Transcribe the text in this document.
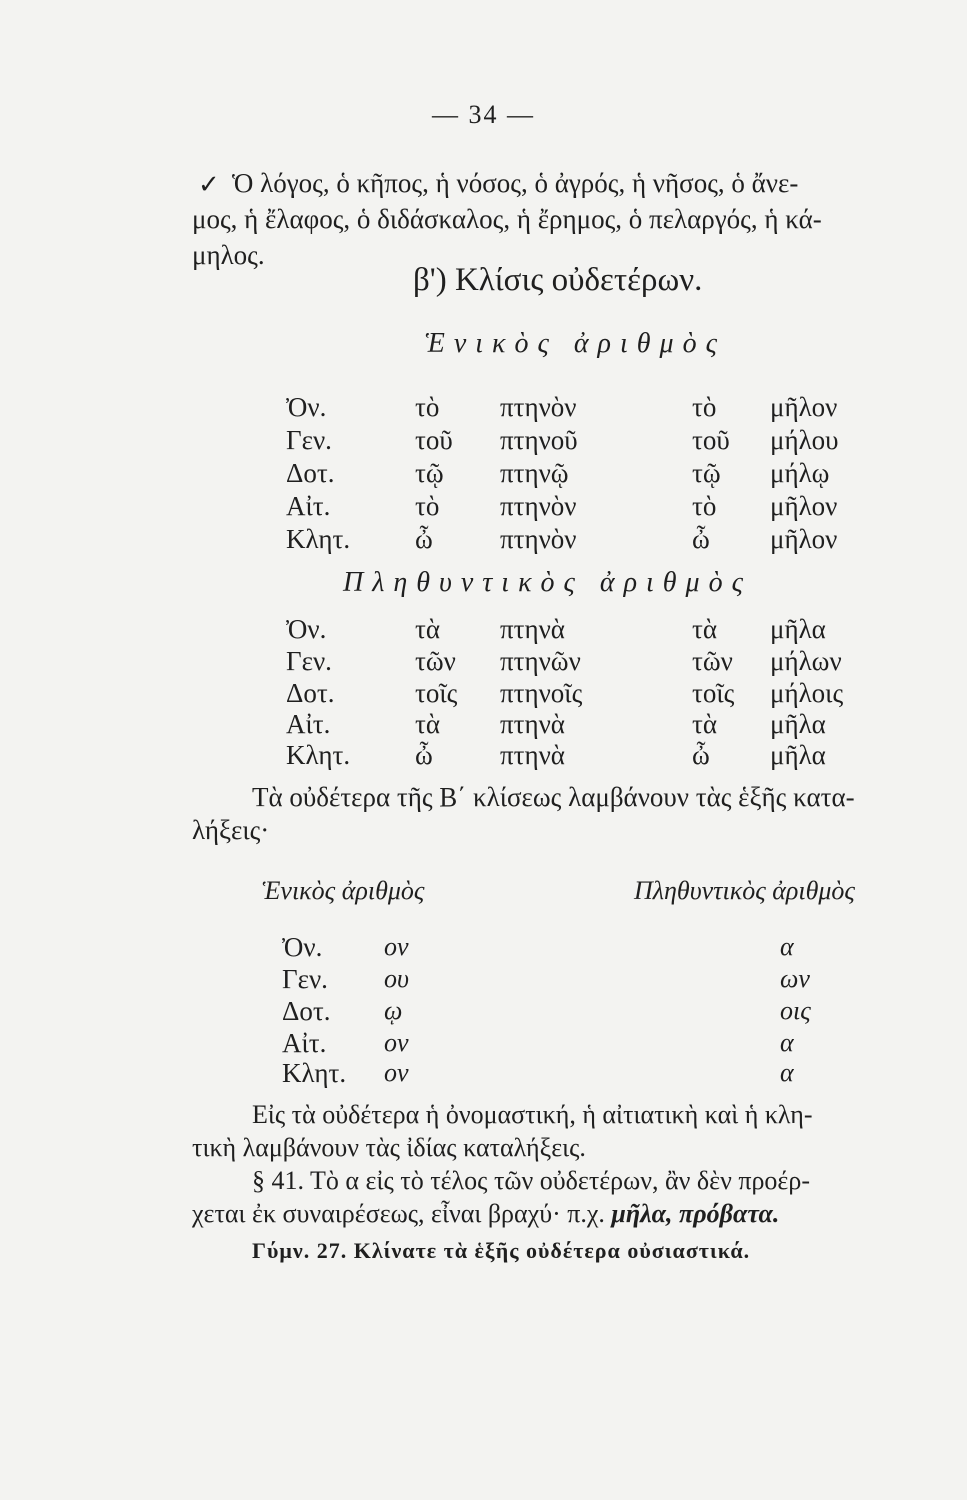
— 34 —
✓ Ὁ λόγος, ὁ κῆπος, ἡ νόσος, ὁ ἀγρός, ἡ νῆσος, ὁ ἄνε-
μος, ἡ ἔλαφος, ὁ διδάσκαλος, ἡ ἔρημος, ὁ πελαργός, ἡ κά-
μηλος.
β') Κλίσις οὐδετέρων.
Ἑνικὸς ἀριθμὸς
Ὀν.	τὸ πτηνὸν	τὸ μῆλον
Γεν.	τοῦ πτηνοῦ	τοῦ μήλου
Δοτ.	τῷ πτηνῷ	τῷ μήλῳ
Αἰτ.	τὸ πτηνὸν	τὸ μῆλον
Κλητ. ὦ πτηνὸν	ὦ μῆλον
Πληθυντικὸς ἀριθμὸς
Ὀν.	τὰ πτηνὰ	τὰ μῆλα
Γεν.	τῶν πτηνῶν	τῶν μήλων
Δοτ.	τοῖς πτηνοῖς	τοῖς μήλοις
Αἰτ.	τὰ πτηνὰ	τὰ μῆλα
Κλητ. ὦ πτηνὰ	ὦ μῆλα
Τὰ οὐδέτερα τῆς Β΄ κλίσεως λαμβάνουν τὰς ἑξῆς κατα-
λήξεις·
Ἑνικὸς ἀριθμὸς	Πληθυντικὸς ἀριθμὸς
Ὀν. ον	α
Γεν. ου	ων
Δοτ. ῳ	οις
Αἰτ. ον	α
Κλητ. ον	α
Εἰς τὰ οὐδέτερα ἡ ὀνομαστική, ἡ αἰτιατικὴ καὶ ἡ κλη-
τικὴ λαμβάνουν τὰς ἰδίας καταλήξεις.
§ 41. Τὸ α εἰς τὸ τέλος τῶν οὐδετέρων, ἂν δὲν προέρ-
χεται ἐκ συναιρέσεως, εἶναι βραχύ· π.χ. μῆλα, πρόβατα.
Γύμν. 27. Κλίνατε τὰ ἑξῆς οὐδέτερα οὐσιαστικά.
